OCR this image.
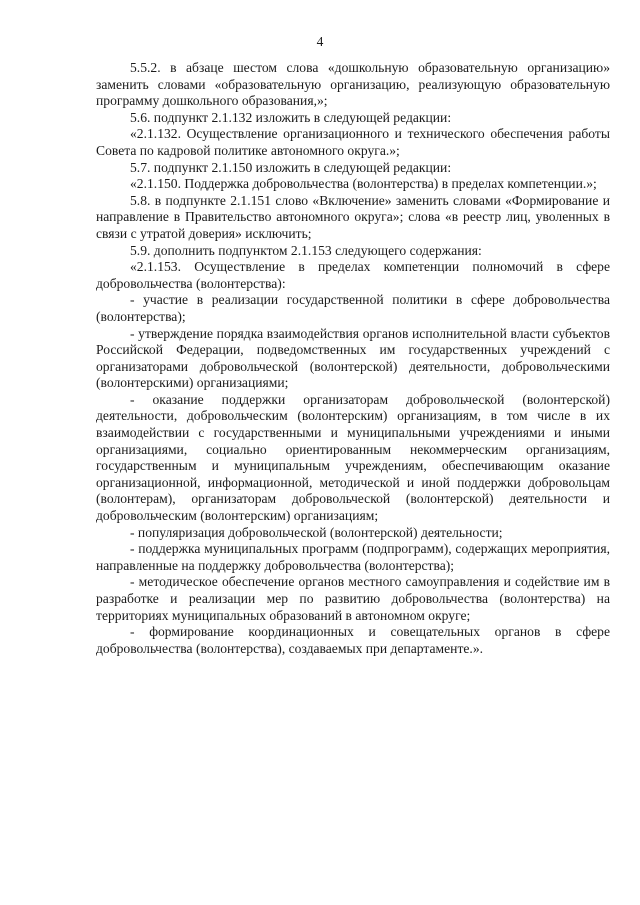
4

5.5.2. в абзаце шестом слова «дошкольную образовательную организацию» заменить словами «образовательную организацию, реализующую образовательную программу дошкольного образования,»;

5.6. подпункт 2.1.132 изложить в следующей редакции:

«2.1.132. Осуществление организационного и технического обеспечения работы Совета по кадровой политике автономного округа.»;

5.7. подпункт 2.1.150 изложить в следующей редакции:

«2.1.150. Поддержка добровольчества (волонтерства) в пределах компетенции.»;

5.8. в подпункте 2.1.151 слово «Включение» заменить словами «Формирование и направление в Правительство автономного округа»; слова «в реестр лиц, уволенных в связи с утратой доверия» исключить;

5.9. дополнить подпунктом 2.1.153 следующего содержания:

«2.1.153. Осуществление в пределах компетенции полномочий в сфере добровольчества (волонтерства):

- участие в реализации государственной политики в сфере добровольчества (волонтерства);

- утверждение порядка взаимодействия органов исполнительной власти субъектов Российской Федерации, подведомственных им государственных учреждений с организаторами добровольческой (волонтерской) деятельности, добровольческими (волонтерскими) организациями;

- оказание поддержки организаторам добровольческой (волонтерской) деятельности, добровольческим (волонтерским) организациям, в том числе в их взаимодействии с государственными и муниципальными учреждениями и иными организациями, социально ориентированным некоммерческим организациям, государственным и муниципальным учреждениям, обеспечивающим оказание организационной, информационной, методической и иной поддержки добровольцам (волонтерам), организаторам добровольческой (волонтерской) деятельности и добровольческим (волонтерским) организациям;

- популяризация добровольческой (волонтерской) деятельности;

- поддержка муниципальных программ (подпрограмм), содержащих мероприятия, направленные на поддержку добровольчества (волонтерства);

- методическое обеспечение органов местного самоуправления и содействие им в разработке и реализации мер по развитию добровольчества (волонтерства) на территориях муниципальных образований в автономном округе;

- формирование координационных и совещательных органов в сфере добровольчества (волонтерства), создаваемых при департаменте.».
